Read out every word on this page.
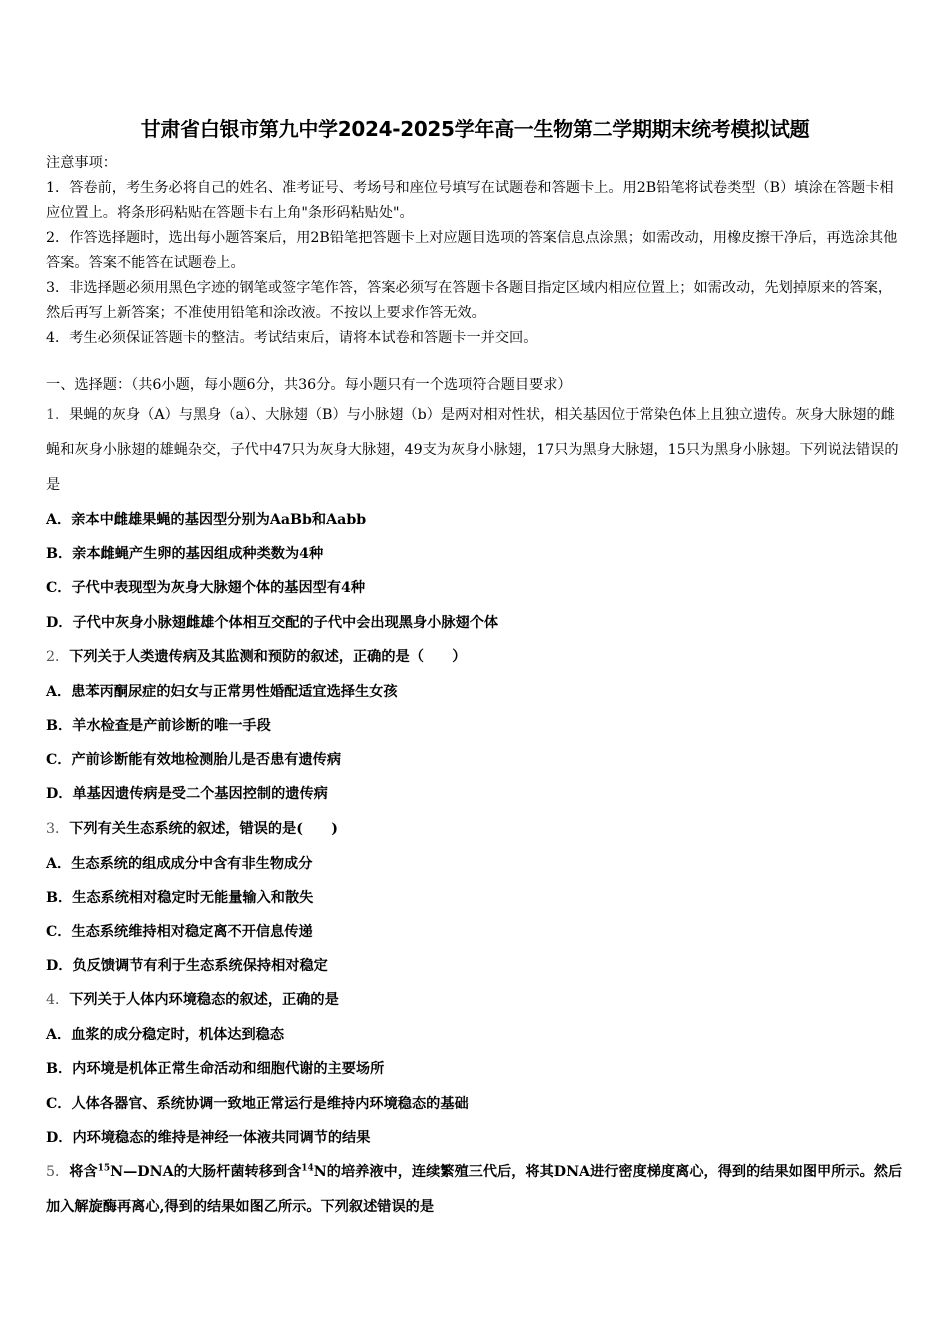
甘肃省白银市第九中学2024-2025学年高一生物第二学期期末统考模拟试题

注意事项：

1．答卷前，考生务必将自己的姓名、准考证号、考场号和座位号填写在试题卷和答题卡上。用2B铅笔将试卷类型（B）填涂在答题卡相应位置上。将条形码粘贴在答题卡右上角"条形码粘贴处"。

2．作答选择题时，选出每小题答案后，用2B铅笔把答题卡上对应题目选项的答案信息点涂黑；如需改动，用橡皮擦干净后，再选涂其他答案。答案不能答在试题卷上。

3．非选择题必须用黑色字迹的钢笔或签字笔作答，答案必须写在答题卡各题目指定区域内相应位置上；如需改动，先划掉原来的答案，然后再写上新答案；不准使用铅笔和涂改液。不按以上要求作答无效。

4．考生必须保证答题卡的整洁。考试结束后，请将本试卷和答题卡一并交回。

一、选择题：（共6小题，每小题6分，共36分。每小题只有一个选项符合题目要求）

1．果蝇的灰身（A）与黑身（a）、大脉翅（B）与小脉翅（b）是两对相对性状，相关基因位于常染色体上且独立遗传。灰身大脉翅的雌蝇和灰身小脉翅的雄蝇杂交，子代中47只为灰身大脉翅，49支为灰身小脉翅，17只为黑身大脉翅，15只为黑身小脉翅。下列说法错误的是

A．亲本中雌雄果蝇的基因型分别为AaBb和Aabb

B．亲本雌蝇产生卵的基因组成种类数为4种

C．子代中表现型为灰身大脉翅个体的基因型有4种

D．子代中灰身小脉翅雌雄个体相互交配的子代中会出现黑身小脉翅个体

2．下列关于人类遗传病及其监测和预防的叙述，正确的是（　　）

A．患苯丙酮尿症的妇女与正常男性婚配适宜选择生女孩

B．羊水检查是产前诊断的唯一手段

C．产前诊断能有效地检测胎儿是否患有遗传病

D．单基因遗传病是受二个基因控制的遗传病

3．下列有关生态系统的叙述，错误的是(　　)

A．生态系统的组成成分中含有非生物成分

B．生态系统相对稳定时无能量输入和散失

C．生态系统维持相对稳定离不开信息传递

D．负反馈调节有利于生态系统保持相对稳定

4．下列关于人体内环境稳态的叙述，正确的是

A．血浆的成分稳定时，机体达到稳态

B．内环境是机体正常生命活动和细胞代谢的主要场所

C．人体各器官、系统协调一致地正常运行是维持内环境稳态的基础

D．内环境稳态的维持是神经一体液共同调节的结果

5．将含$^{15}$N—DNA的大肠杆菌转移到含$^{14}$N的培养液中，连续繁殖三代后，将其DNA进行密度梯度离心，得到的结果如图甲所示。然后加入解旋酶再离心,得到的结果如图乙所示。下列叙述错误的是
